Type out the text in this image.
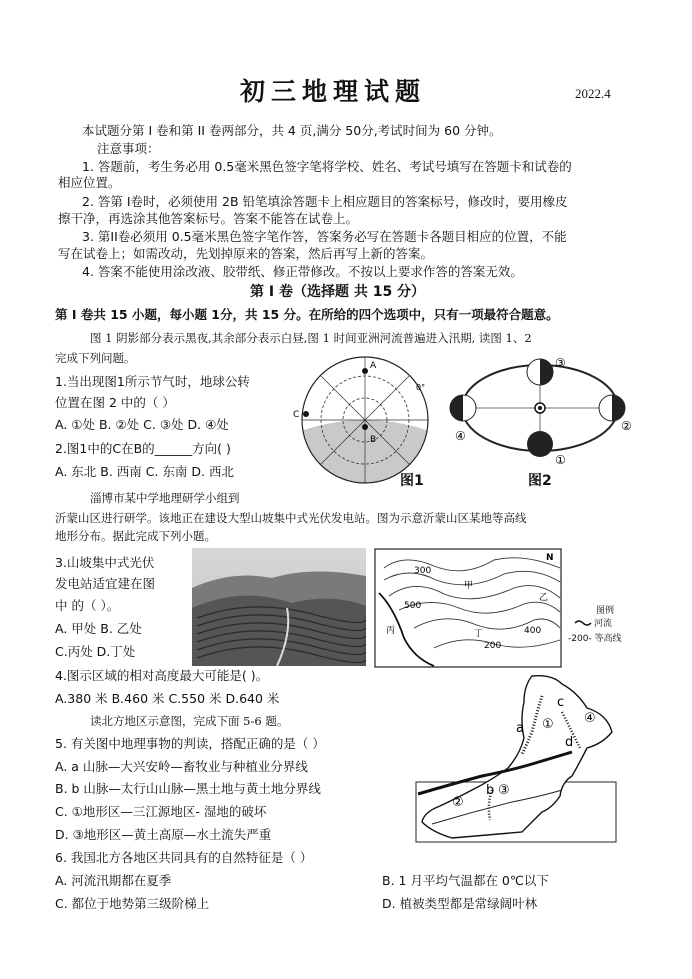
初三地理试题	2022.4
本试题分第 I 卷和第 II 卷两部分，共 4 页,满分 50分,考试时间为 60 分钟。
注意事项：
1. 答题前，考生务必用 0.5毫米黑色签字笔将学校、姓名、考试号填写在答题卡和试卷的
相应位置。
2. 答第 I卷时，必须使用 2B 铅笔填涂答题卡上相应题目的答案标号，修改时，要用橡皮
擦干净，再选涂其他答案标号。答案不能答在试卷上。
3. 第II卷必须用 0.5毫米黑色签字笔作答，答案务必写在答题卡各题目相应的位置，不能
写在试卷上；如需改动，先划掉原来的答案，然后再写上新的答案。
4. 答案不能使用涂改液、胶带纸、修正带修改。不按以上要求作答的答案无效。
第 I 卷（选择题 共 15 分）
第 I 卷共 15 小题，每小题 1分，共 15 分。在所给的四个选项中，只有一项最符合题意。
图 1 阴影部分表示黑夜,其余部分表示白昼,图 1 时间亚洲河流普遍进入汛期, 读图 1、2
完成下列问题。
1.当出现图1所示节气时，地球公转
位置在图 2 中的（ ）
A. ①处 B. ②处 C. ③处 D. ④处
2.图1中的C在B的______方向( )
A. 东北 B. 西南 C. 东南 D. 西北
A
B
C
0°
图1
③
①
④
②
图2
淄博市某中学地理研学小组到
沂蒙山区进行研学。该地正在建设大型山坡集中式光伏发电站。图为示意沂蒙山区某地等高线
地形分布。据此完成下列小题。
3.山坡集中式光伏
发电站适宜建在图
中 的（ ）。
A. 甲处 B. 乙处
C.丙处 D.丁处
N
300
500
200
400
甲
乙
丙	丁
图例
河流
-200- 等高线
4.图示区域的相对高度最大可能是( )。
A.380 米 B.460 米 C.550 米 D.640 米
读北方地区示意图，完成下面 5-6 题。
5. 有关图中地理事物的判读，搭配正确的是（ ）
A. a 山脉—大兴安岭—畜牧业与种植业分界线
B. b 山脉—太行山山脉—黑土地与黄土地分界线
C. ①地形区—三江源地区- 湿地的破坏
D. ③地形区—黄土高原—水土流失严重
6. 我国北方各地区共同具有的自然特征是（ ）
A. 河流汛期都在夏季	B. 1 月平均气温都在 0℃以下
C. 都位于地势第三级阶梯上	D. 植被类型都是常绿阔叶林
a
c
d
b
① ④
②
③
